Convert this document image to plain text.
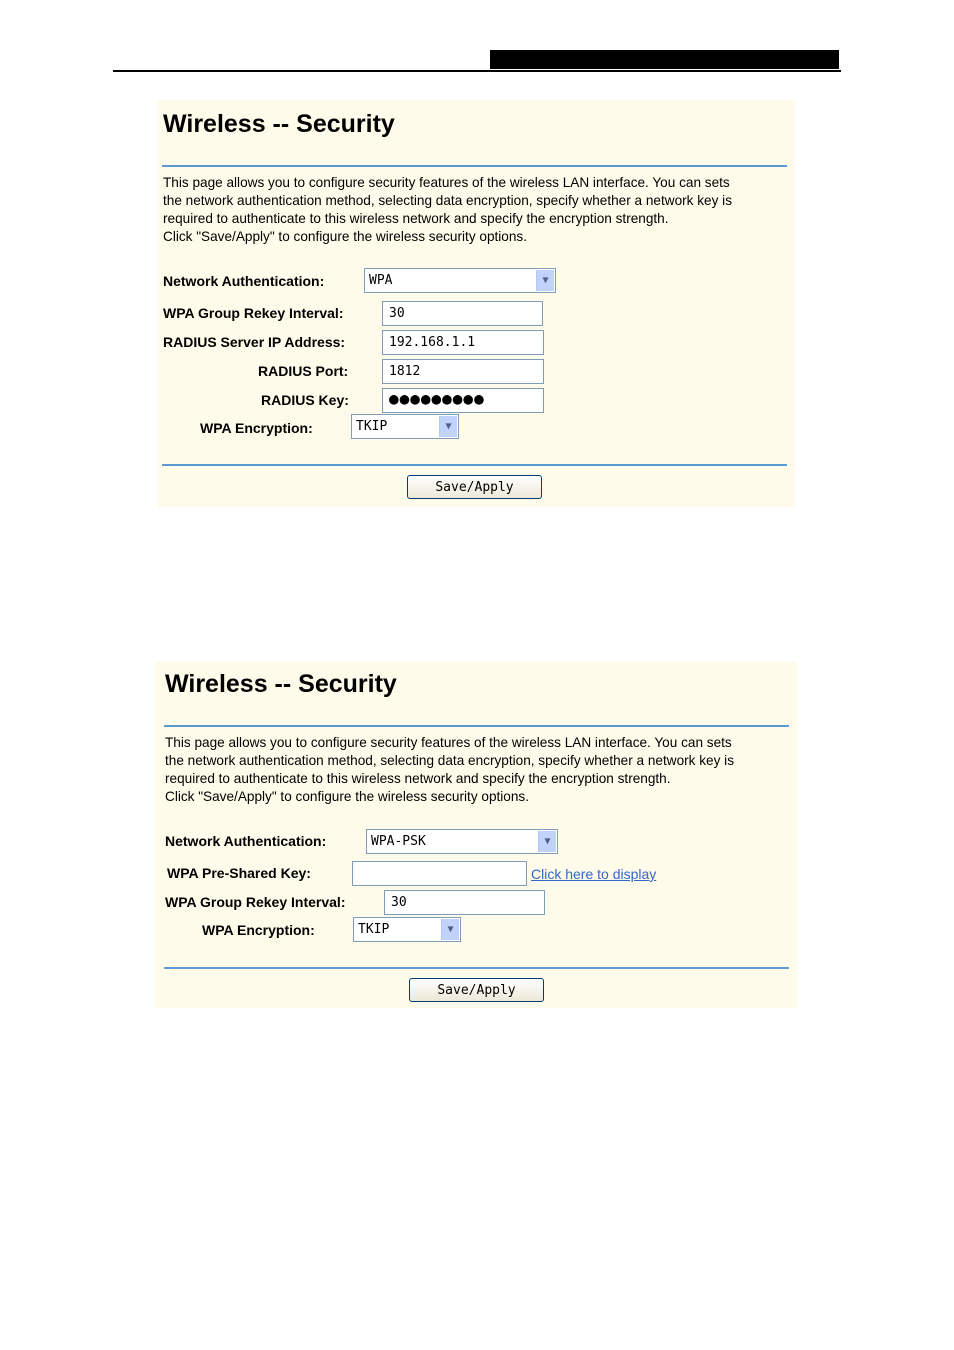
Wireless -- Security
This page allows you to configure security features of the wireless LAN interface. You can sets
the network authentication method, selecting data encryption, specify whether a network key is
required to authenticate to this wireless network and specify the encryption strength.
Click "Save/Apply" to configure the wireless security options.
Network Authentication:	WPA	▼
WPA Group Rekey Interval:	30
RADIUS Server IP Address:	192.168.1.1
RADIUS Port:	1812
RADIUS Key:	●●●●●●●●●
WPA Encryption:	TKIP	▼
Save/Apply
Wireless -- Security
This page allows you to configure security features of the wireless LAN interface. You can sets
the network authentication method, selecting data encryption, specify whether a network key is
required to authenticate to this wireless network and specify the encryption strength.
Click "Save/Apply" to configure the wireless security options.
Network Authentication:	WPA-PSK	▼
WPA Pre-Shared Key:	Click here to display
WPA Group Rekey Interval:	30
WPA Encryption:	TKIP	▼
Save/Apply
